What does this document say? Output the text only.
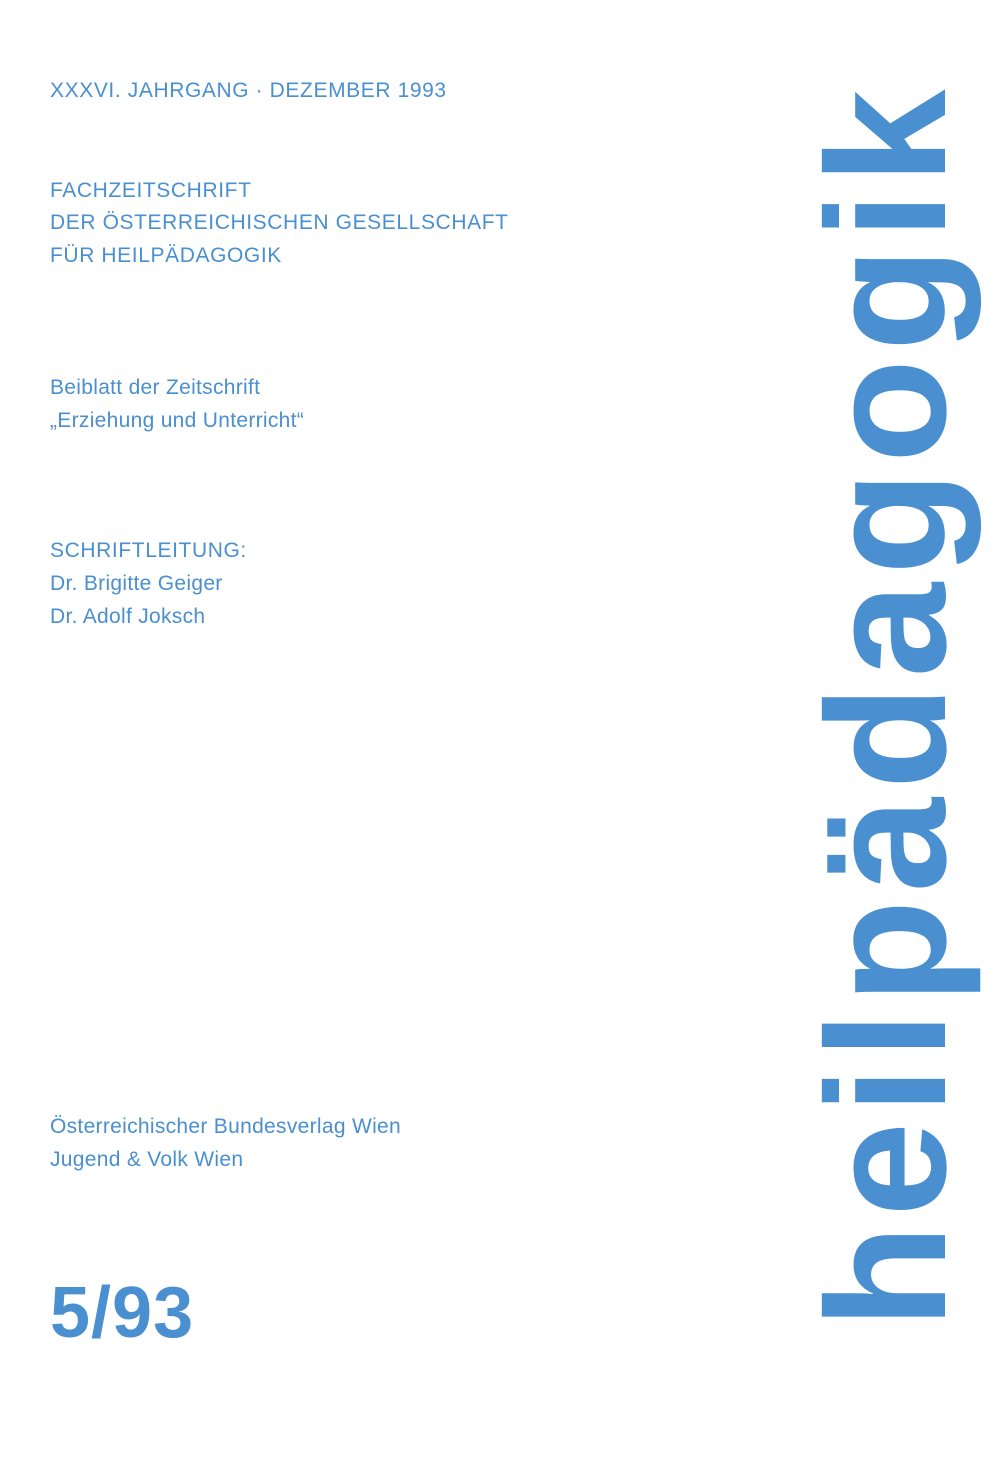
XXXVI. JAHRGANG · DEZEMBER 1993
FACHZEITSCHRIFT
DER ÖSTERREICHISCHEN GESELLSCHAFT
FÜR HEILPÄDAGOGIK
Beiblatt der Zeitschrift
„Erziehung und Unterricht“
SCHRIFTLEITUNG:
Dr. Brigitte Geiger
Dr. Adolf Joksch
Österreichischer Bundesverlag Wien
Jugend & Volk Wien
5/93	heilpädagogik
